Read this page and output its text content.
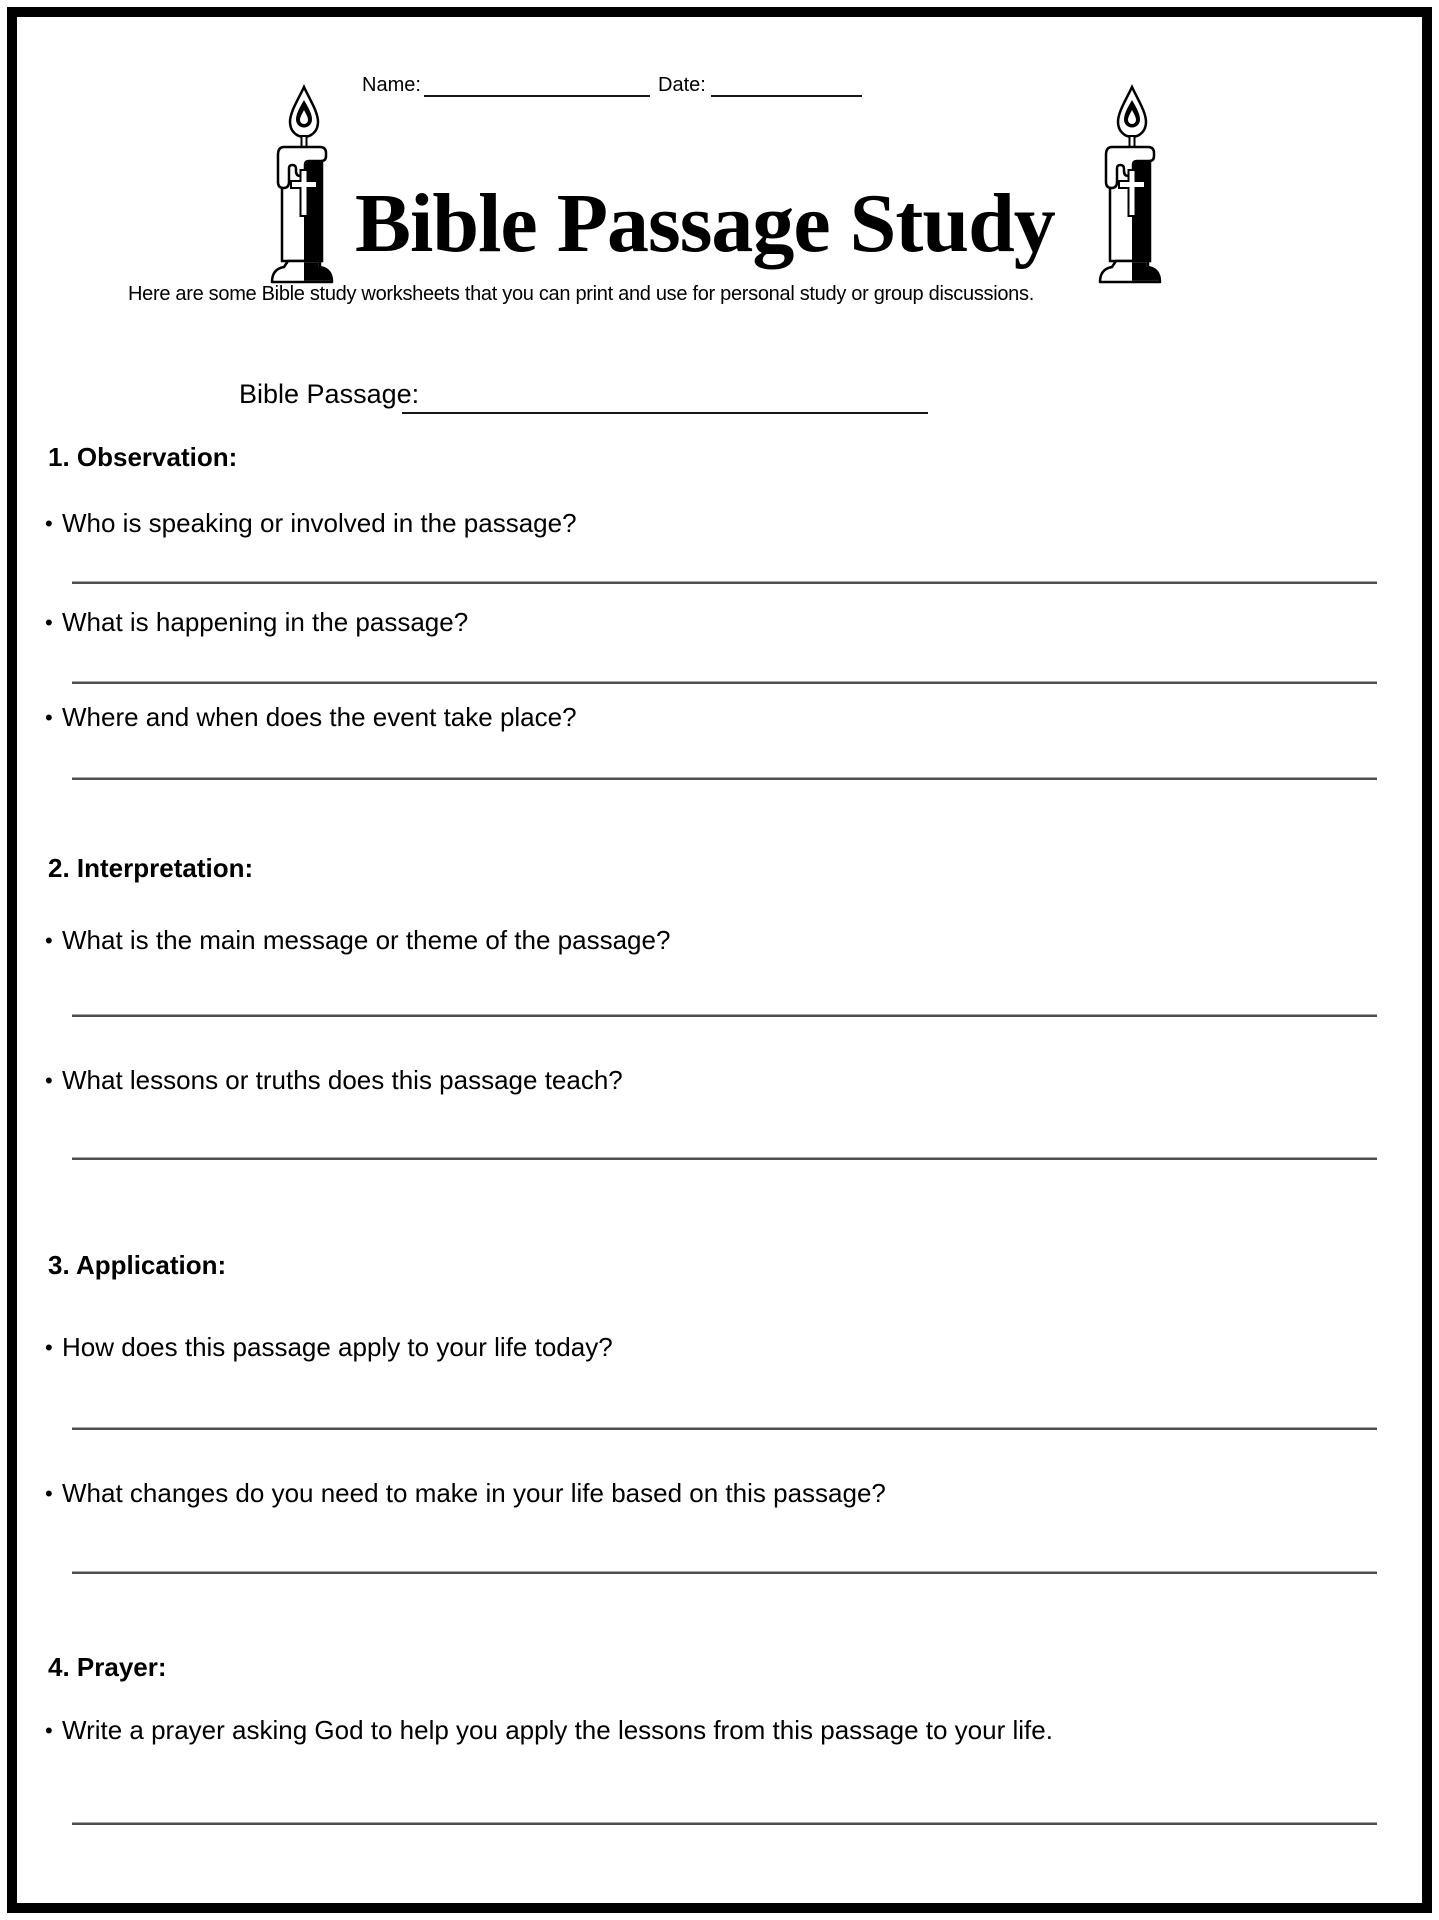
Name:	Date:
Bible Passage Study
Here are some Bible study worksheets that you can print and use for personal study or group discussions.
Bible Passage:
1. Observation:
• Who is speaking or involved in the passage?
• What is happening in the passage?
• Where and when does the event take place?
2. Interpretation:
• What is the main message or theme of the passage?
• What lessons or truths does this passage teach?
3. Application:
• How does this passage apply to your life today?
• What changes do you need to make in your life based on this passage?
4. Prayer:
• Write a prayer asking God to help you apply the lessons from this passage to your life.
